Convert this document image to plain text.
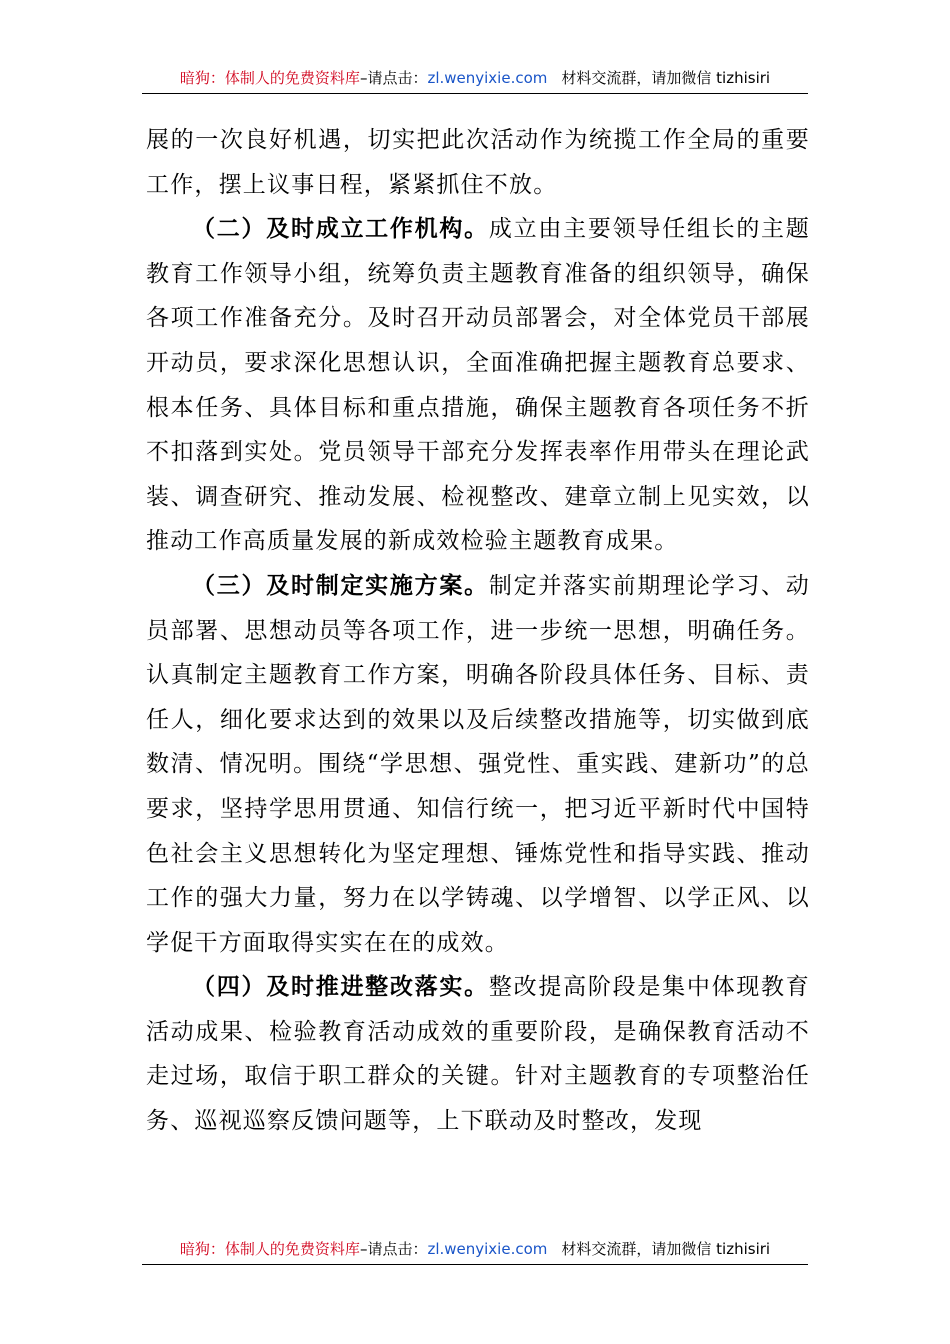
暗狗：体制人的免费资料库–请点击：zl.wenyixie.com 材料交流群，请加微信 tizhisiri

展的一次良好机遇，切实把此次活动作为统揽工作全局的重要工作，摆上议事日程，紧紧抓住不放。

（二）及时成立工作机构。成立由主要领导任组长的主题教育工作领导小组，统筹负责主题教育准备的组织领导，确保各项工作准备充分。及时召开动员部署会，对全体党员干部展开动员，要求深化思想认识，全面准确把握主题教育总要求、根本任务、具体目标和重点措施，确保主题教育各项任务不折不扣落到实处。党员领导干部充分发挥表率作用带头在理论武装、调查研究、推动发展、检视整改、建章立制上见实效，以推动工作高质量发展的新成效检验主题教育成果。

（三）及时制定实施方案。制定并落实前期理论学习、动员部署、思想动员等各项工作，进一步统一思想，明确任务。认真制定主题教育工作方案，明确各阶段具体任务、目标、责任人，细化要求达到的效果以及后续整改措施等，切实做到底数清、情况明。围绕“学思想、强党性、重实践、建新功”的总要求，坚持学思用贯通、知信行统一，把习近平新时代中国特色社会主义思想转化为坚定理想、锤炼党性和指导实践、推动工作的强大力量，努力在以学铸魂、以学增智、以学正风、以学促干方面取得实实在在的成效。

（四）及时推进整改落实。整改提高阶段是集中体现教育活动成果、检验教育活动成效的重要阶段，是确保教育活动不走过场，取信于职工群众的关键。针对主题教育的专项整治任务、巡视巡察反馈问题等，上下联动及时整改，发现

暗狗：体制人的免费资料库–请点击：zl.wenyixie.com 材料交流群，请加微信 tizhisiri
